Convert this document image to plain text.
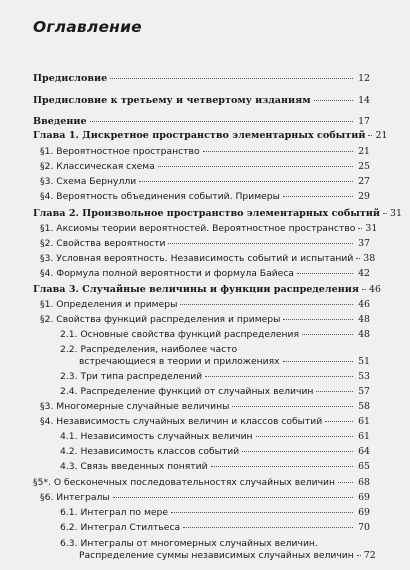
Оглавление
Предисловие	12
Предисловие к третьему и четвертому изданиям	14
Введение	17
Глава 1. Дискретное пространство элементарных событий 21
§1. Вероятностное пространство	21
§2. Классическая схема	25
§3. Схема Бернулли	27
§4. Вероятность объединения событий. Примеры	29
Глава 2. Произвольное пространство элементарных событий 31
§1. Аксиомы теории вероятностей. Вероятностное пространство 31
§2. Свойства вероятности	37
§3. Условная вероятность. Независимость событий и испытаний 38
§4. Формула полной вероятности и формула Байеса	42
Глава 3. Случайные величины и функции распределения 46
§1. Определения и примеры	46
§2. Свойства функций распределения и примеры	48
2.1. Основные свойства функций распределения	48
2.2. Распределения, наиболее часто
встречающиеся в теории и приложениях	51
2.3. Три типа распределений	53
2.4. Распределение функций от случайных величин	57
§3. Многомерные случайные величины	58
§4. Независимость случайных величин и классов событий	61
4.1. Независимость случайных величин	61
4.2. Независимость классов событий	64
4.3. Связь введенных понятий	65
§5*. О бесконечных последовательностях случайных величин 68
§6. Интегралы	69
6.1. Интеграл по мере	69
6.2. Интеграл Стилтьеса	70
6.3. Интегралы от многомерных случайных величин.
Распределение суммы независимых случайных величин 72
